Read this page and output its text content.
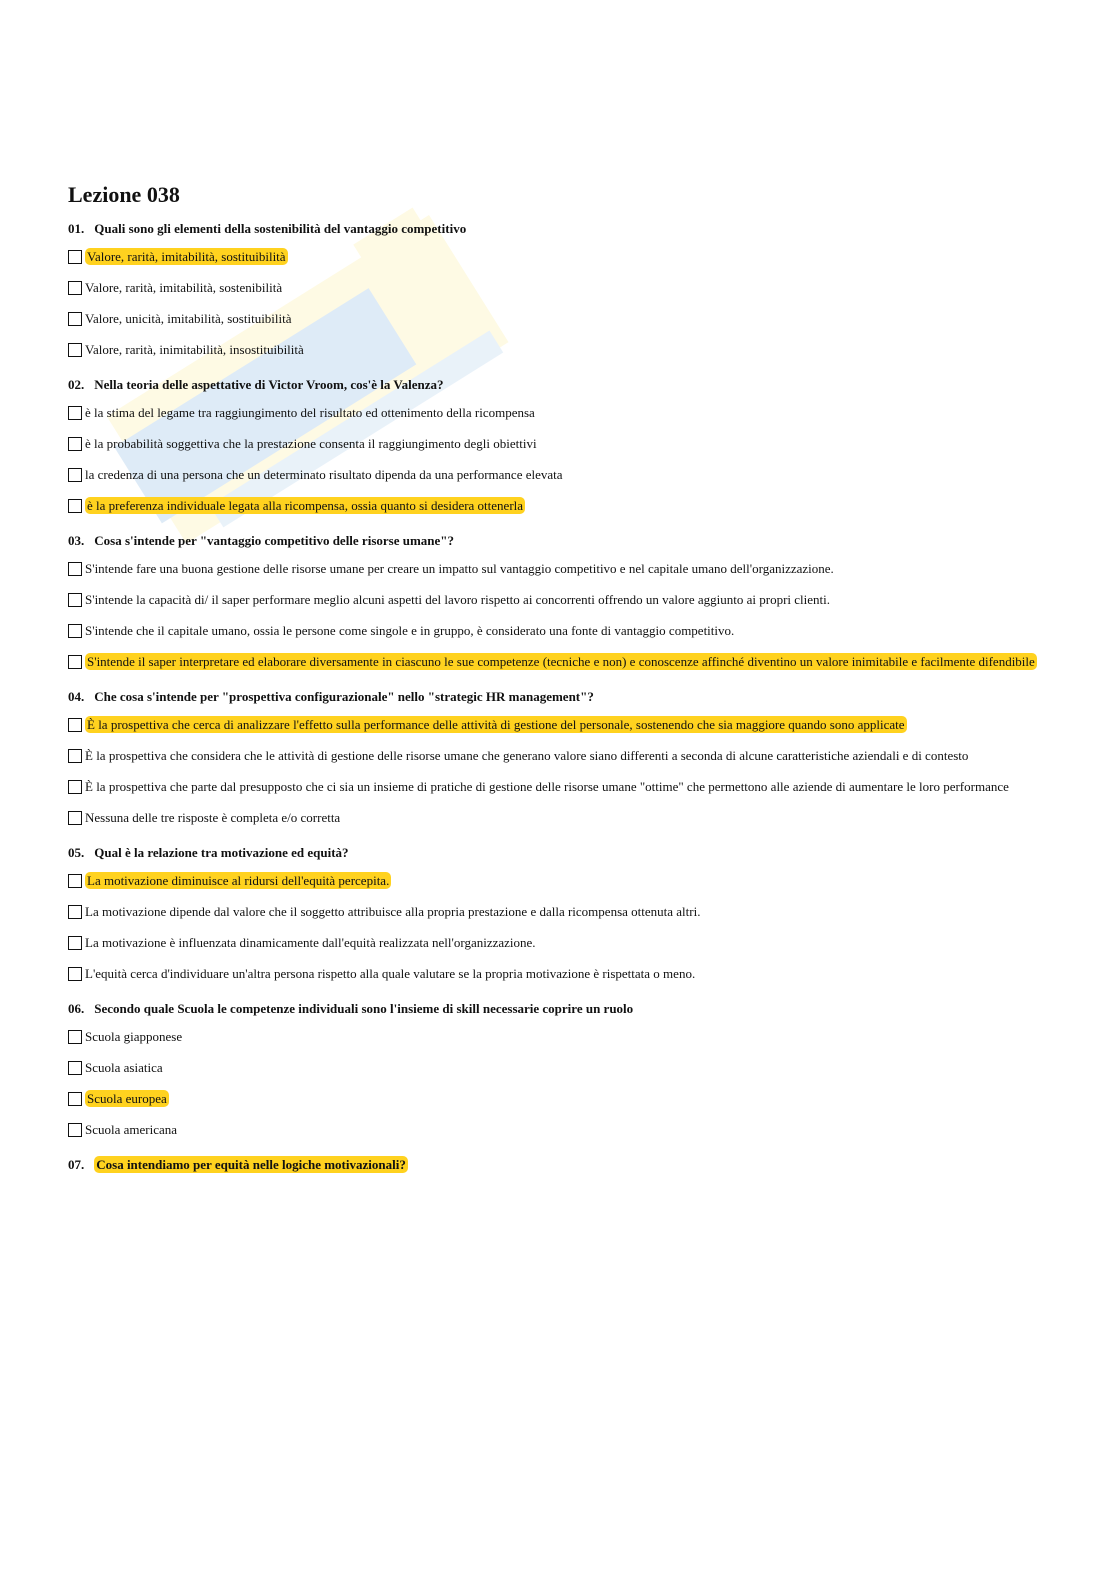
Lezione 038
01. Quali sono gli elementi della sostenibilità del vantaggio competitivo
Valore, rarità, imitabilità, sostituibilità
Valore, rarità, imitabilità, sostenibilità
Valore, unicità, imitabilità, sostituibilità
Valore, rarità, inimitabilità, insostituibilità
02. Nella teoria delle aspettative di Victor Vroom, cos'è la Valenza?
è la stima del legame tra raggiungimento del risultato ed ottenimento della ricompensa
è la probabilità soggettiva che la prestazione consenta il raggiungimento degli obiettivi
la credenza di una persona che un determinato risultato dipenda da una performance elevata
è la preferenza individuale legata alla ricompensa, ossia quanto si desidera ottenerla
03. Cosa s'intende per "vantaggio competitivo delle risorse umane"?
S'intende fare una buona gestione delle risorse umane per creare un impatto sul vantaggio competitivo e nel capitale umano dell'organizzazione.
S'intende la capacità di/ il saper performare meglio alcuni aspetti del lavoro rispetto ai concorrenti offrendo un valore aggiunto ai propri clienti.
S'intende che il capitale umano, ossia le persone come singole e in gruppo, è considerato una fonte di vantaggio competitivo.
S'intende il saper interpretare ed elaborare diversamente in ciascuno le sue competenze (tecniche e non) e conoscenze affinché diventino un valore inimitabile e facilmente difendibile
04. Che cosa s'intende per "prospettiva configurazionale" nello "strategic HR management"?
È la prospettiva che cerca di analizzare l'effetto sulla performance delle attività di gestione del personale, sostenendo che sia maggiore quando sono applicate
È la prospettiva che considera che le attività di gestione delle risorse umane che generano valore siano differenti a seconda di alcune caratteristiche aziendali e di contesto
È la prospettiva che parte dal presupposto che ci sia un insieme di pratiche di gestione delle risorse umane "ottime" che permettono alle aziende di aumentare le loro performance
Nessuna delle tre risposte è completa e/o corretta
05. Qual è la relazione tra motivazione ed equità?
La motivazione diminuisce al ridursi dell'equità percepita.
La motivazione dipende dal valore che il soggetto attribuisce alla propria prestazione e dalla ricompensa ottenuta altri.
La motivazione è influenzata dinamicamente dall'equità realizzata nell'organizzazione.
L'equità cerca d'individuare un'altra persona rispetto alla quale valutare se la propria motivazione è rispettata o meno.
06. Secondo quale Scuola le competenze individuali sono l'insieme di skill necessarie coprire un ruolo
Scuola giapponese
Scuola asiatica
Scuola europea
Scuola americana
07. Cosa intendiamo per equità nelle logiche motivazionali?
